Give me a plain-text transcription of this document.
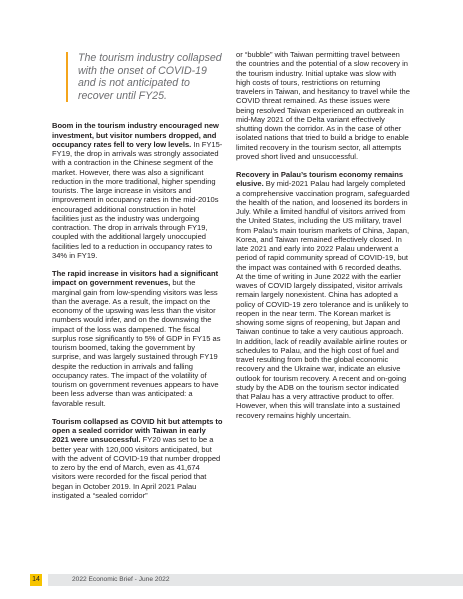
The tourism industry collapsed with the onset of COVID-19 and is not anticipated to recover until FY25.

Boom in the tourism industry encouraged new investment, but visitor numbers dropped, and occupancy rates fell to very low levels. In FY15-FY19, the drop in arrivals was strongly associated with a contraction in the Chinese segment of the market. However, there was also a significant reduction in the more traditional, higher spending tourists. The large increase in visitors and improvement in occupancy rates in the mid-2010s encouraged additional construction in hotel facilities just as the industry was undergoing contraction. The drop in arrivals through FY19, coupled with the additional largely unoccupied facilities led to a reduction in occupancy rates to 34% in FY19.

The rapid increase in visitors had a significant impact on government revenues, but the marginal gain from low-spending visitors was less than the average. As a result, the impact on the economy of the upswing was less than the visitor numbers would infer, and on the downswing the impact of the loss was dampened. The fiscal surplus rose significantly to 5% of GDP in FY15 as tourism boomed, taking the government by surprise, and was largely sustained through FY19 despite the reduction in arrivals and falling occupancy rates. The impact of the volatility of tourism on government revenues appears to have been less adverse than was anticipated: a favorable result.

Tourism collapsed as COVID hit but attempts to open a sealed corridor with Taiwan in early 2021 were unsuccessful. FY20 was set to be a better year with 120,000 visitors anticipated, but with the advent of COVID-19 that number dropped to zero by the end of March, even as 41,674 visitors were recorded for the fiscal period that began in October 2019. In April 2021 Palau instigated a “sealed corridor”

or “bubble” with Taiwan permitting travel between the countries and the potential of a slow recovery in the tourism industry. Initial uptake was slow with high costs of tours, restrictions on returning travelers in Taiwan, and hesitancy to travel while the COVID threat remained. As these issues were being resolved Taiwan experienced an outbreak in mid-May 2021 of the Delta variant effectively shutting down the corridor. As in the case of other isolated nations that tried to build a bridge to enable limited recovery in the tourism sector, all attempts proved short lived and unsuccessful.

Recovery in Palau’s tourism economy remains elusive. By mid-2021 Palau had largely completed a comprehensive vaccination program, safeguarded the health of the nation, and loosened its borders in July. While a limited handful of visitors arrived from the United States, including the US military, travel from Palau’s main tourism markets of China, Japan, Korea, and Taiwan remained effectively closed. In late 2021 and early into 2022 Palau underwent a period of rapid community spread of COVID-19, but the impact was contained with 6 recorded deaths. At the time of writing in June 2022 with the earlier waves of COVID largely dissipated, visitor arrivals remain largely nonexistent. China has adopted a policy of COVID-19 zero tolerance and is unlikely to reopen in the near term. The Korean market is showing some signs of reopening, but Japan and Taiwan continue to take a very cautious approach. In addition, lack of readily available airline routes or schedules to Palau, and the high cost of fuel and travel resulting from both the global economic recovery and the Ukraine war, indicate an elusive outlook for tourism recovery. A recent and on-going study by the ADB on the tourism sector indicated that Palau has a very attractive product to offer. However, when this will translate into a sustained recovery remains highly uncertain.

14	2022 Economic Brief - June 2022
